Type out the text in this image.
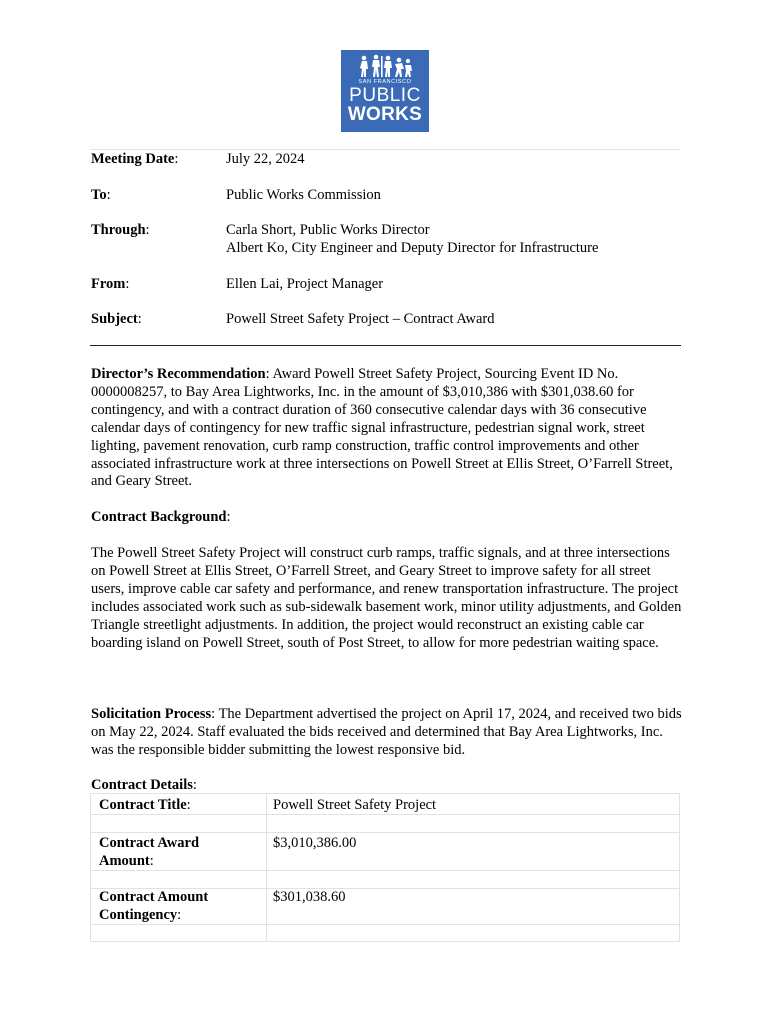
SAN FRANCISCO
PUBLIC
WORKS
Meeting Date:	July 22, 2024
To:	Public Works Commission
Through:	Carla Short, Public Works Director
Albert Ko, City Engineer and Deputy Director for Infrastructure
From:	Ellen Lai, Project Manager
Subject:	Powell Street Safety Project – Contract Award
Director’s Recommendation: Award Powell Street Safety Project, Sourcing Event ID No. 0000008257, to Bay Area Lightworks, Inc. in the amount of $3,010,386 with $301,038.60 for contingency, and with a contract duration of 360 consecutive calendar days with 36 consecutive calendar days of contingency for new traffic signal infrastructure, pedestrian signal work, street lighting, pavement renovation, curb ramp construction, traffic control improvements and other associated infrastructure work at three intersections on Powell Street at Ellis Street, O’Farrell Street, and Geary Street.
Contract Background:
The Powell Street Safety Project will construct curb ramps, traffic signals, and at three intersections on Powell Street at Ellis Street, O’Farrell Street, and Geary Street to improve safety for all street users, improve cable car safety and performance, and renew transportation infrastructure. The project includes associated work such as sub-sidewalk basement work, minor utility adjustments, and Golden Triangle streetlight adjustments. In addition, the project would reconstruct an existing cable car boarding island on Powell Street, south of Post Street, to allow for more pedestrian waiting space.
Solicitation Process: The Department advertised the project on April 17, 2024, and received two bids on May 22, 2024. Staff evaluated the bids received and determined that Bay Area Lightworks, Inc. was the responsible bidder submitting the lowest responsive bid.
Contract Details:
Contract Title:	Powell Street Safety Project
Contract Award
Amount:
$3,010,386.00
Contract Amount
Contingency:
$301,038.60
